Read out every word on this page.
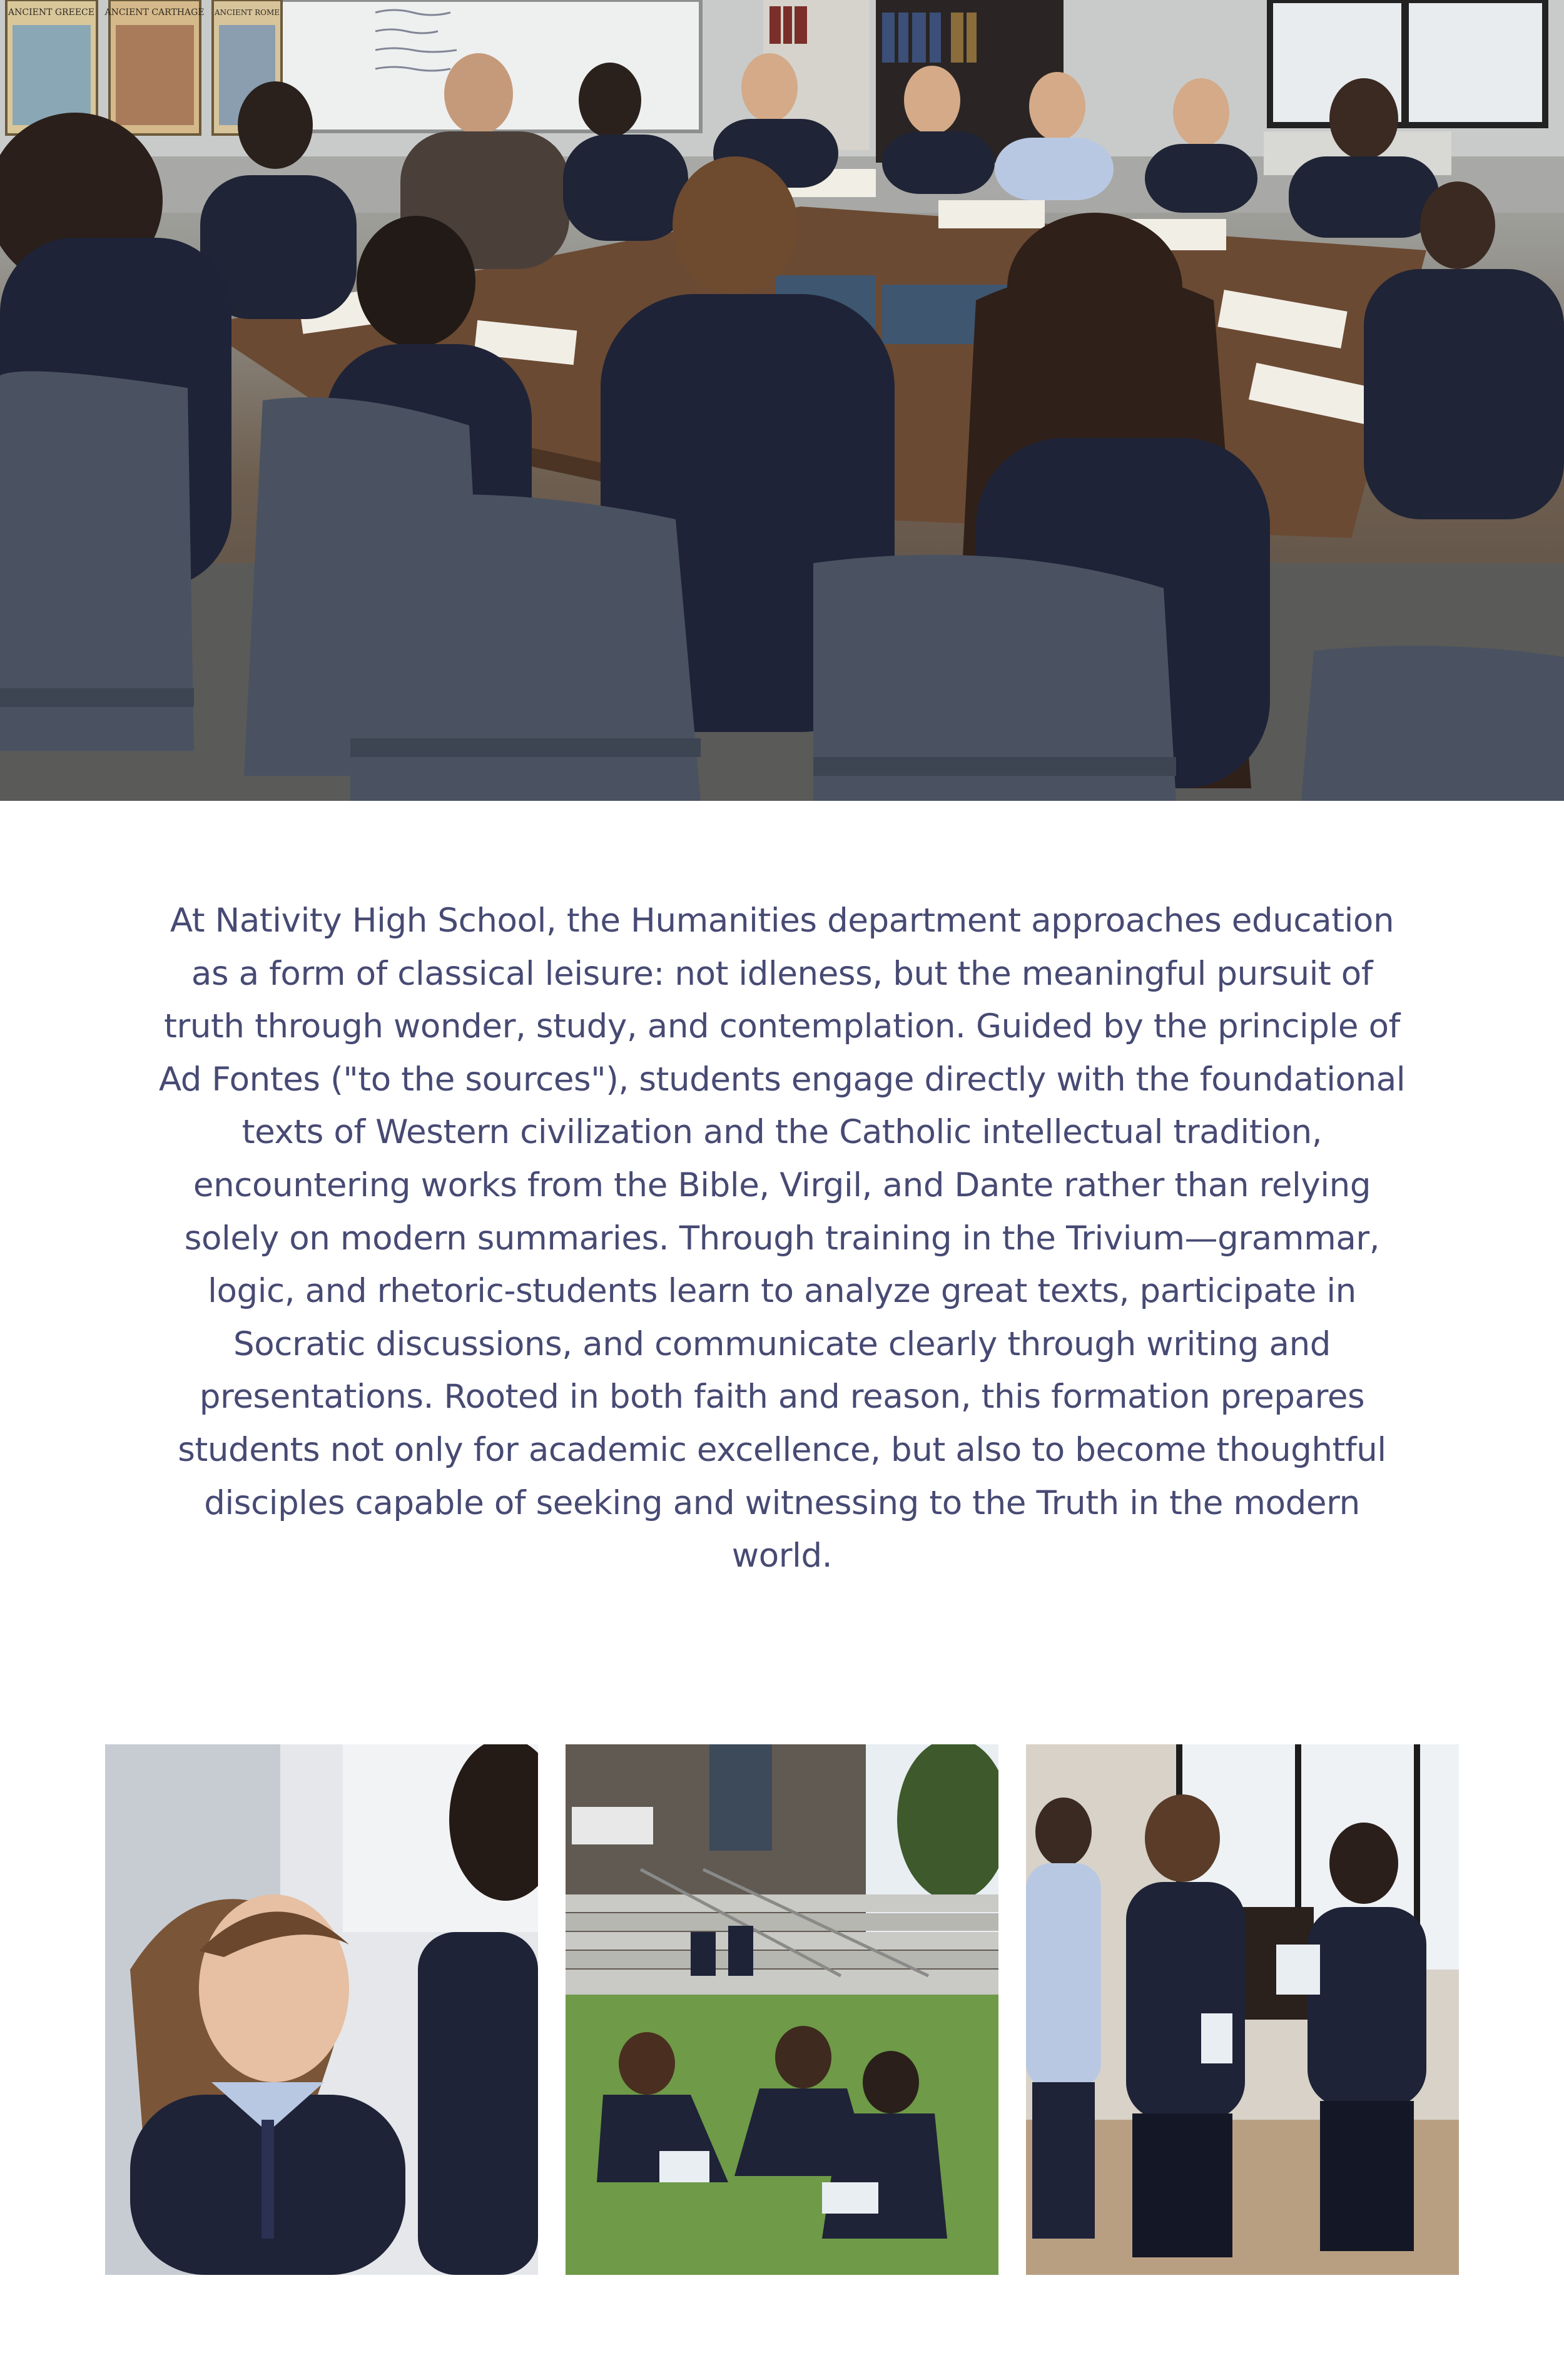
ANCIENT GREECE ANCIENT CARTHAGE ANCIENT ROME

At Nativity High School, the Humanities department approaches education as a form of classical leisure: not idleness, but the meaningful pursuit of truth through wonder, study, and contemplation. Guided by the principle of Ad Fontes ("to the sources"), students engage directly with the foundational texts of Western civilization and the Catholic intellectual tradition, encountering works from the Bible, Virgil, and Dante rather than relying solely on modern summaries. Through training in the Trivium—grammar, logic, and rhetoric-students learn to analyze great texts, participate in Socratic discussions, and communicate clearly through writing and presentations. Rooted in both faith and reason, this formation prepares students not only for academic excellence, but also to become thoughtful disciples capable of seeking and witnessing to the Truth in the modern world.
